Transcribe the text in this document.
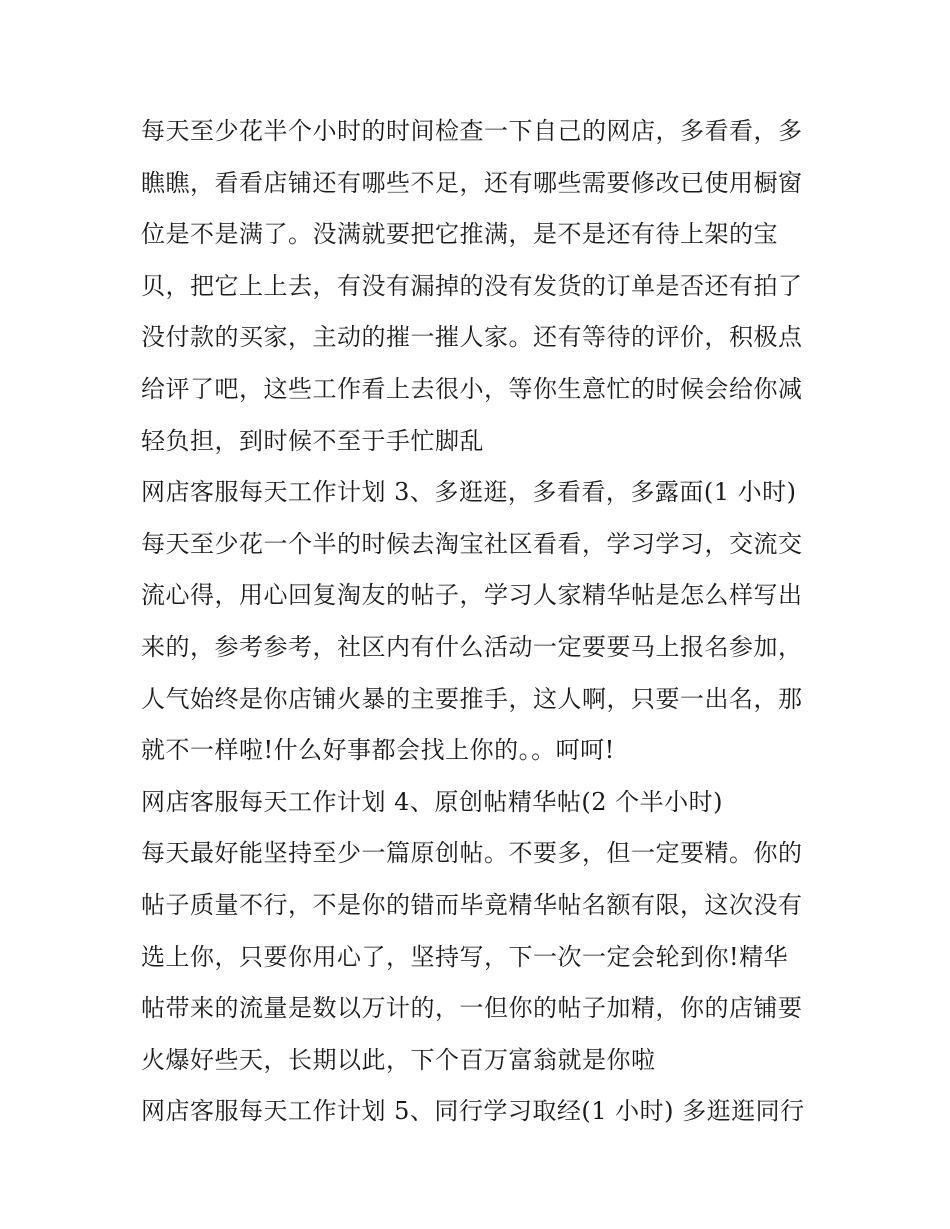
每天至少花半个小时的时间检查一下自己的网店，多看看，多
瞧瞧，看看店铺还有哪些不足，还有哪些需要修改已使用橱窗
位是不是满了。没满就要把它推满，是不是还有待上架的宝
贝，把它上上去，有没有漏掉的没有发货的订单是否还有拍了
没付款的买家，主动的摧一摧人家。还有等待的评价，积极点
给评了吧，这些工作看上去很小，等你生意忙的时候会给你减
轻负担，到时候不至于手忙脚乱
网店客服每天工作计划 3、多逛逛，多看看，多露面(1 小时)
每天至少花一个半的时候去淘宝社区看看，学习学习，交流交
流心得，用心回复淘友的帖子，学习人家精华帖是怎么样写出
来的，参考参考，社区内有什么活动一定要要马上报名参加，
人气始终是你店铺火暴的主要推手，这人啊，只要一出名，那
就不一样啦!什么好事都会找上你的。。呵呵!
网店客服每天工作计划 4、原创帖精华帖(2 个半小时)
每天最好能坚持至少一篇原创帖。不要多，但一定要精。你的
帖子质量不行，不是你的错而毕竟精华帖名额有限，这次没有
选上你，只要你用心了，坚持写，下一次一定会轮到你!精华
帖带来的流量是数以万计的，一但你的帖子加精，你的店铺要
火爆好些天，长期以此，下个百万富翁就是你啦
网店客服每天工作计划 5、同行学习取经(1 小时) 多逛逛同行
